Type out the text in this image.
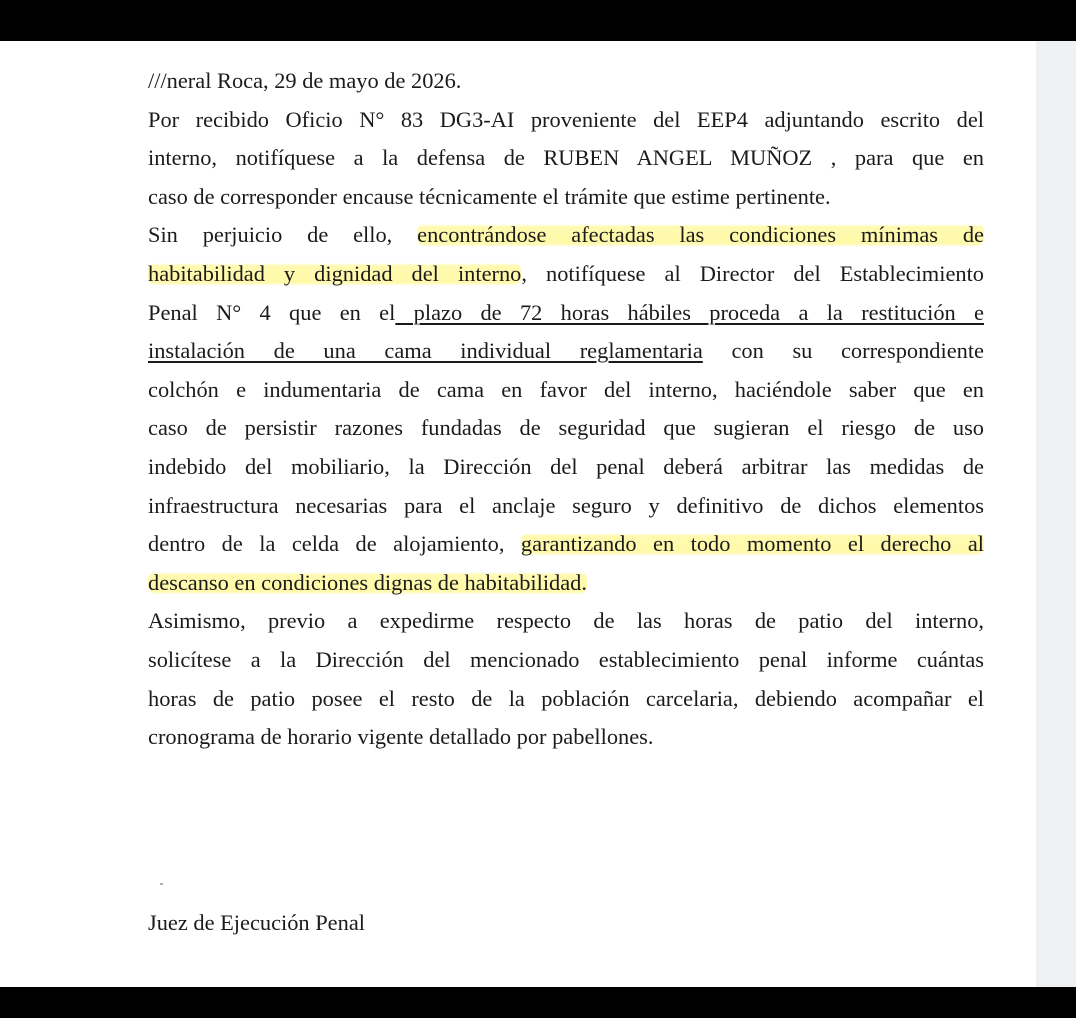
///neral Roca, 29 de mayo de 2026.
Por recibido Oficio N° 83 DG3-AI proveniente del EEP4 adjuntando escrito del
interno, notifíquese a la defensa de RUBEN ANGEL MUÑOZ , para que en
caso de corresponder encause técnicamente el trámite que estime pertinente.
Sin perjuicio de ello, encontrándose afectadas las condiciones mínimas de
habitabilidad y dignidad del interno, notifíquese al Director del Establecimiento
Penal N° 4 que en el plazo de 72 horas hábiles proceda a la restitución e
instalación de una cama individual reglamentaria con su correspondiente
colchón e indumentaria de cama en favor del interno, haciéndole saber que en
caso de persistir razones fundadas de seguridad que sugieran el riesgo de uso
indebido del mobiliario, la Dirección del penal deberá arbitrar las medidas de
infraestructura necesarias para el anclaje seguro y definitivo de dichos elementos
dentro de la celda de alojamiento, garantizando en todo momento el derecho al
descanso en condiciones dignas de habitabilidad.
Asimismo, previo a expedirme respecto de las horas de patio del interno,
solicítese a la Dirección del mencionado establecimiento penal informe cuántas
horas de patio posee el resto de la población carcelaria, debiendo acompañar el
cronograma de horario vigente detallado por pabellones.
Juez de Ejecución Penal
